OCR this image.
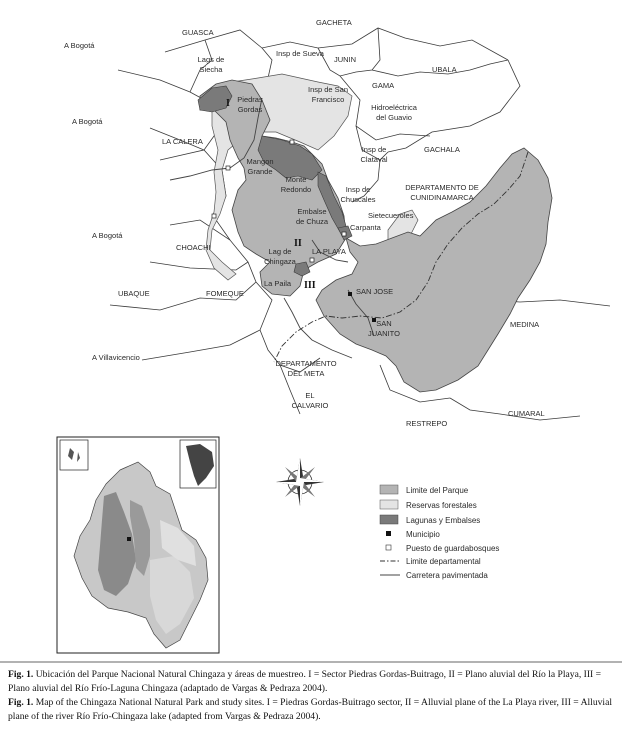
GACHETA
GUASCA
A Bogotá
Lags de
Siecha
Insp de Sueva
JUNIN
GAMA
UBALA
Insp de San
Francisco
I Piedras
Gordas	Hidroeléctrica
del Guavio
A Bogotá
LA CALERA
GACHALA
Insp de
Clataval
Mangon
Grande
Monte
Redondo	Insp de
Chuscales
DEPARTAMENTO DE
CUNIDINAMARCA
Sietecueroles
Embalse
de Chuza
Carpanta
A Bogotá
II
CHOACHI	Lag de
Chingaza
LA PLAYA
III
La Paila
SAN JOSE
UBAQUE	FOMEQUE
SAN
JUANITO
MEDINA
A Villavicencio
DEPARTAMENTO
DEL META
EL
CALVARIO
CUMARAL
RESTREPO
Limite del Parque
Reservas forestales
Lagunas y Embalses
Municipio
Puesto de guardabosques
Limite departamental
Carretera pavimentada

Fig. 1. Ubicación del Parque Nacional Natural Chingaza y áreas de muestreo. I = Sector Piedras Gordas-Buitrago, II = Plano aluvial del Río la Playa, III = Plano aluvial del Río Frío-Laguna Chingaza (adaptado de Vargas & Pedraza 2004).

Fig. 1. Map of the Chingaza National Natural Park and study sites. I = Piedras Gordas-Buitrago sector, II = Alluvial plane of the La Playa river, III = Alluvial plane of the river Río Frío-Chingaza lake (adapted from Vargas & Pedraza 2004).
